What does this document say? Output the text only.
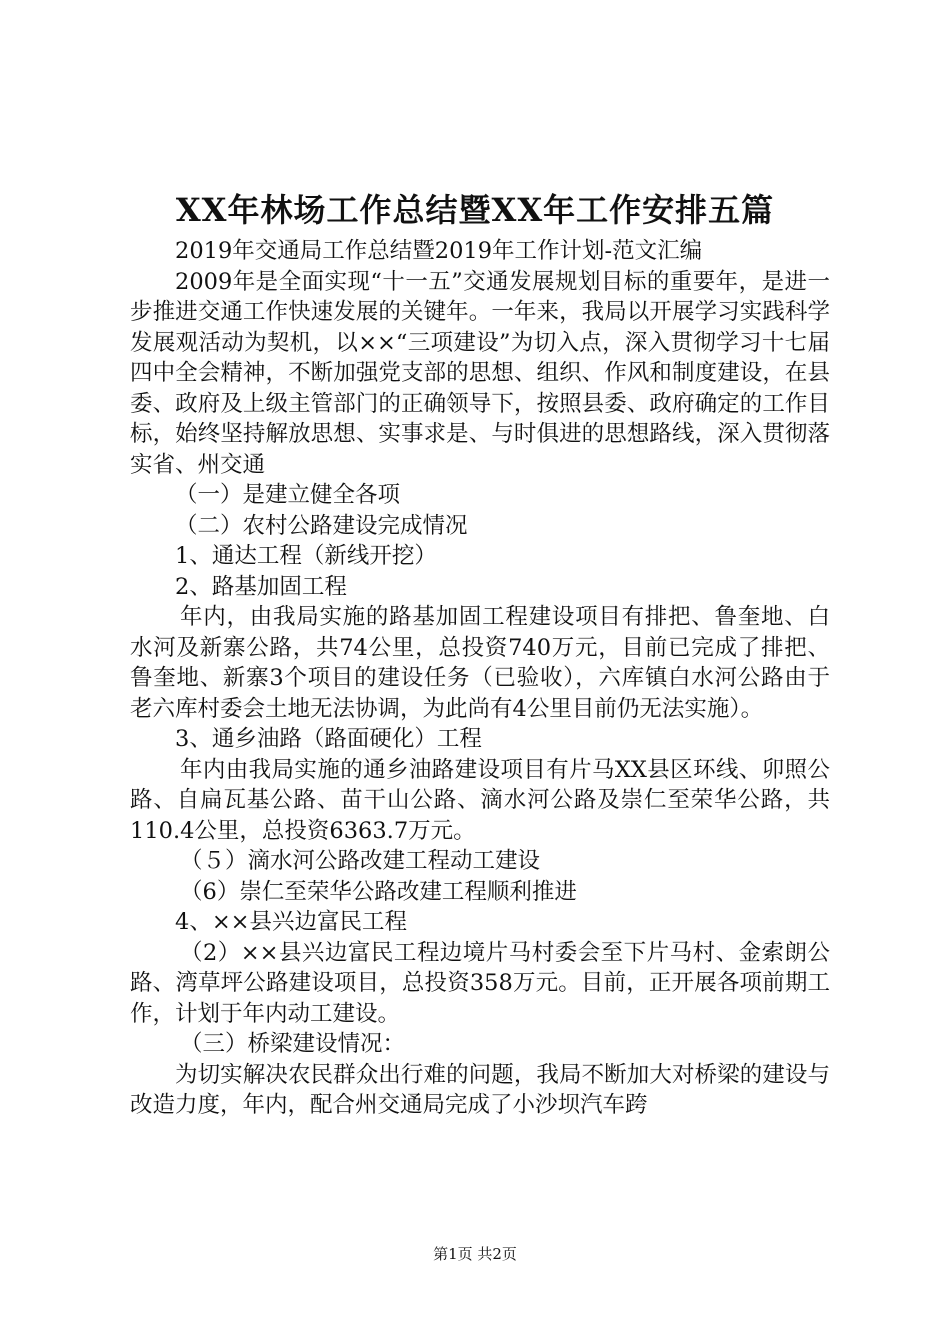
XX年林场工作总结暨XX年工作安排五篇

2019年交通局工作总结暨2019年工作计划-范文汇编

2009年是全面实现“十一五”交通发展规划目标的重要年，是进一步推进交通工作快速发展的关键年。一年来，我局以开展学习实践科学发展观活动为契机，以××“三项建设”为切入点，深入贯彻学习十七届四中全会精神，不断加强党支部的思想、组织、作风和制度建设，在县委、政府及上级主管部门的正确领导下，按照县委、政府确定的工作目标，始终坚持解放思想、实事求是、与时俱进的思想路线，深入贯彻落实省、州交通

（一）是建立健全各项

（二）农村公路建设完成情况

1、通达工程（新线开挖）

2、路基加固工程

年内，由我局实施的路基加固工程建设项目有排把、鲁奎地、白水河及新寨公路，共74公里，总投资740万元，目前已完成了排把、鲁奎地、新寨3个项目的建设任务（已验收），六库镇白水河公路由于老六库村委会土地无法协调，为此尚有4公里目前仍无法实施）。

3、通乡油路（路面硬化）工程

年内由我局实施的通乡油路建设项目有片马XX县区环线、卯照公路、自扁瓦基公路、苗干山公路、滴水河公路及崇仁至荣华公路，共110.4公里，总投资6363.7万元。

（５）滴水河公路改建工程动工建设

（6）崇仁至荣华公路改建工程顺利推进

4、××县兴边富民工程

（2）××县兴边富民工程边境片马村委会至下片马村、金索朗公路、湾草坪公路建设项目，总投资358万元。目前，正开展各项前期工作，计划于年内动工建设。

（三）桥梁建设情况：

为切实解决农民群众出行难的问题，我局不断加大对桥梁的建设与改造力度，年内，配合州交通局完成了小沙坝汽车跨

第1页 共2页
